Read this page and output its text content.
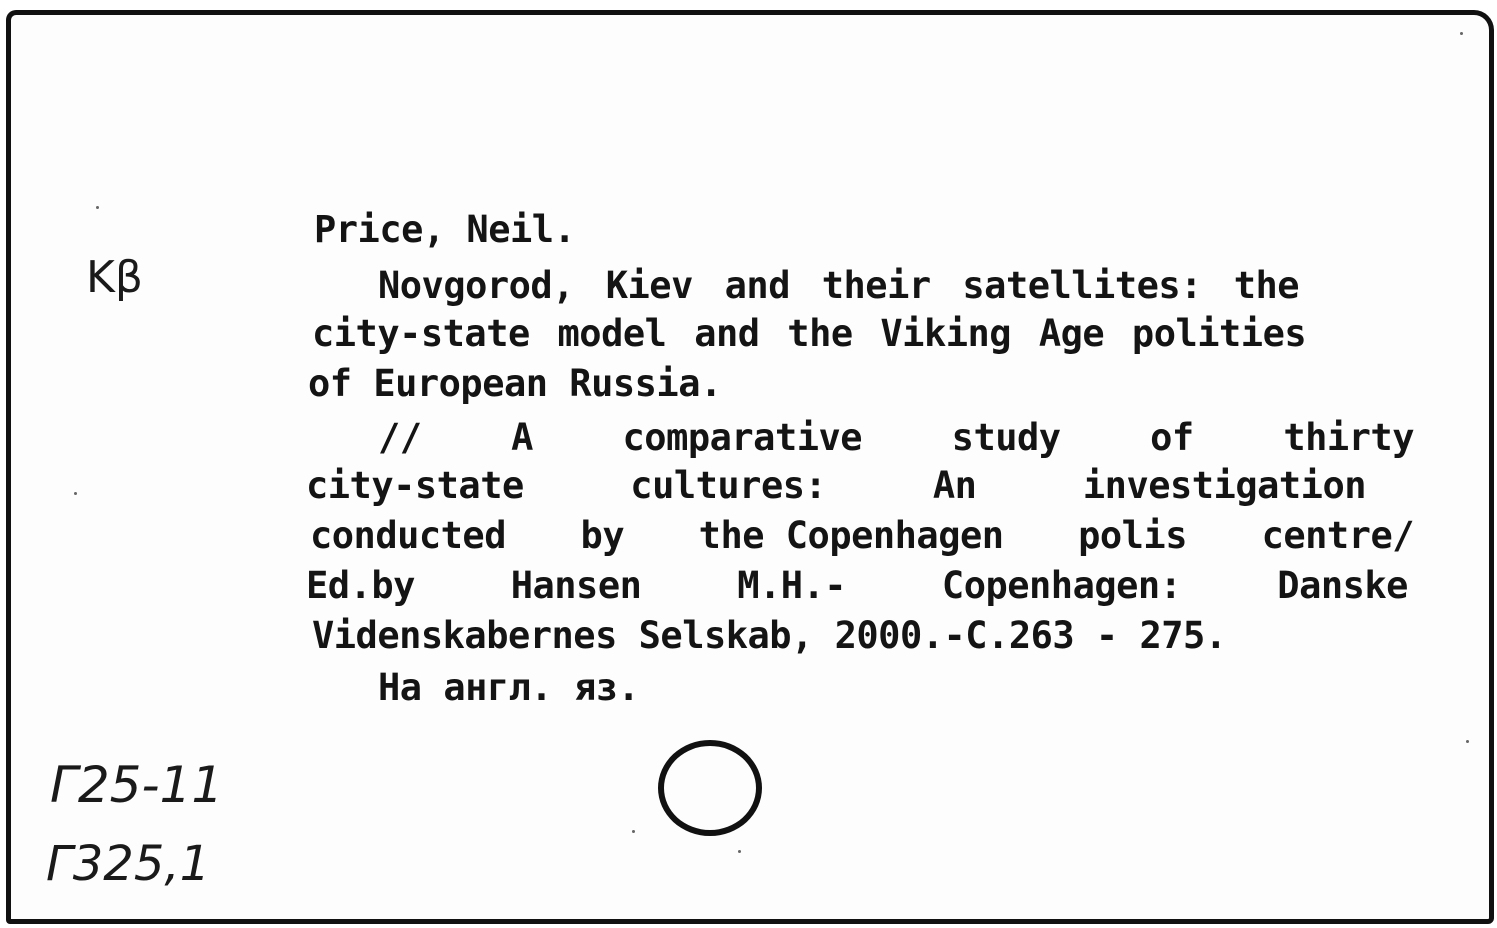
Kβ
Price, Neil.
Novgorod, Kiev and their satellites: the
city-state model and the Viking Age polities
of European Russia.
// A comparative study of thirty
city-state	cultures:	An	investigation
conducted by the Copenhagen polis centre/
Ed.by	Hansen	M.H.-	Copenhagen:	Danske
Videnskabernes Selskab, 2000.-C.263 - 275.
На англ. яз.
Г25-11
Г325,1
